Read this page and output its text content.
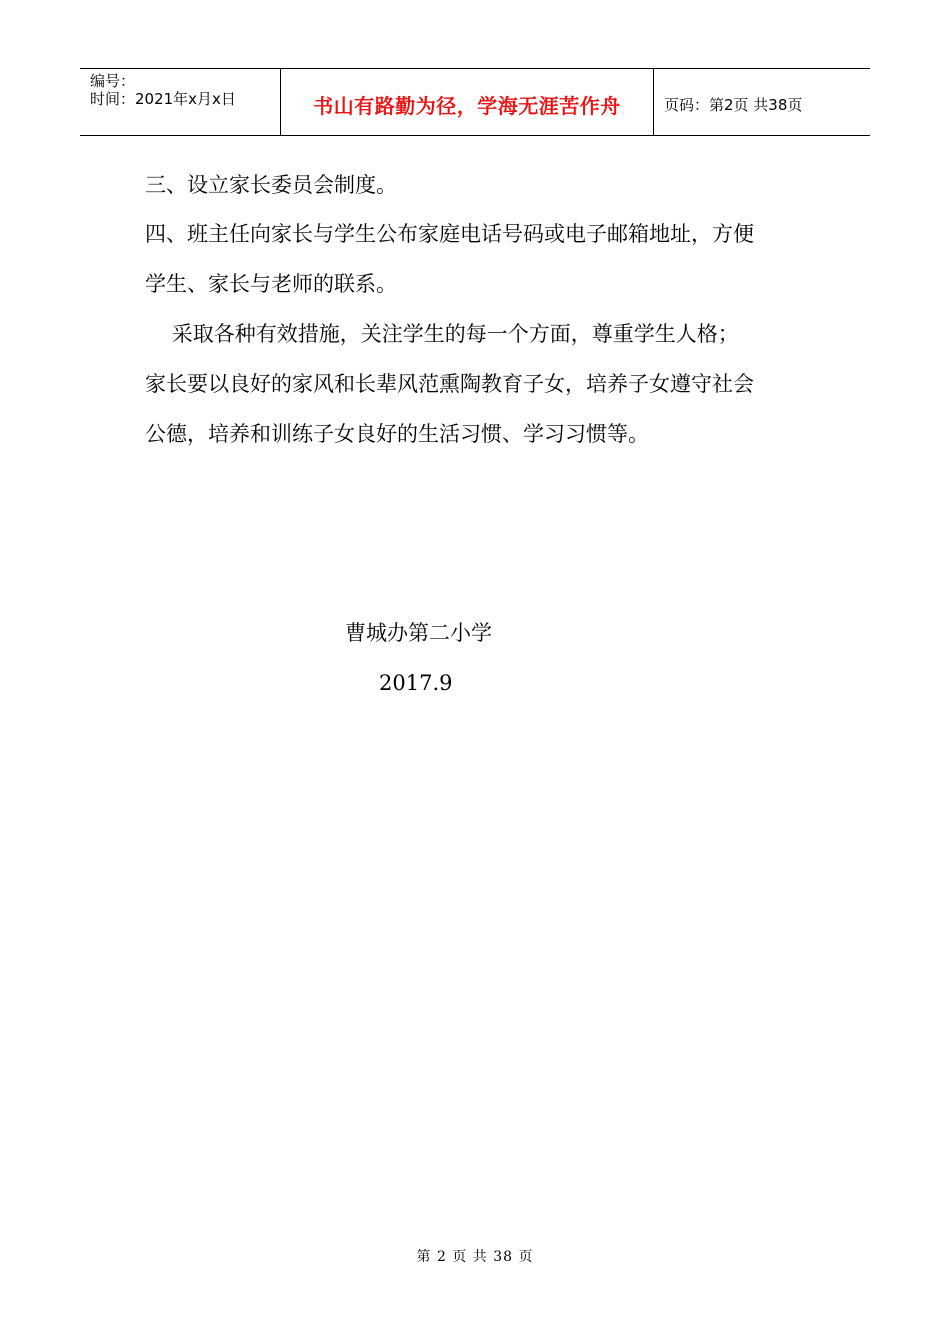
编号：
时间：2021年x月x日	书山有路勤为径，学海无涯苦作舟	页码：第2页 共38页
三、设立家长委员会制度。
四、班主任向家长与学生公布家庭电话号码或电子邮箱地址，方便
学生、家长与老师的联系。
采取各种有效措施，关注学生的每一个方面，尊重学生人格；
家长要以良好的家风和长辈风范熏陶教育子女，培养子女遵守社会
公德，培养和训练子女良好的生活习惯、学习习惯等。
曹城办第二小学
2017.9
第 2 页 共 38 页
